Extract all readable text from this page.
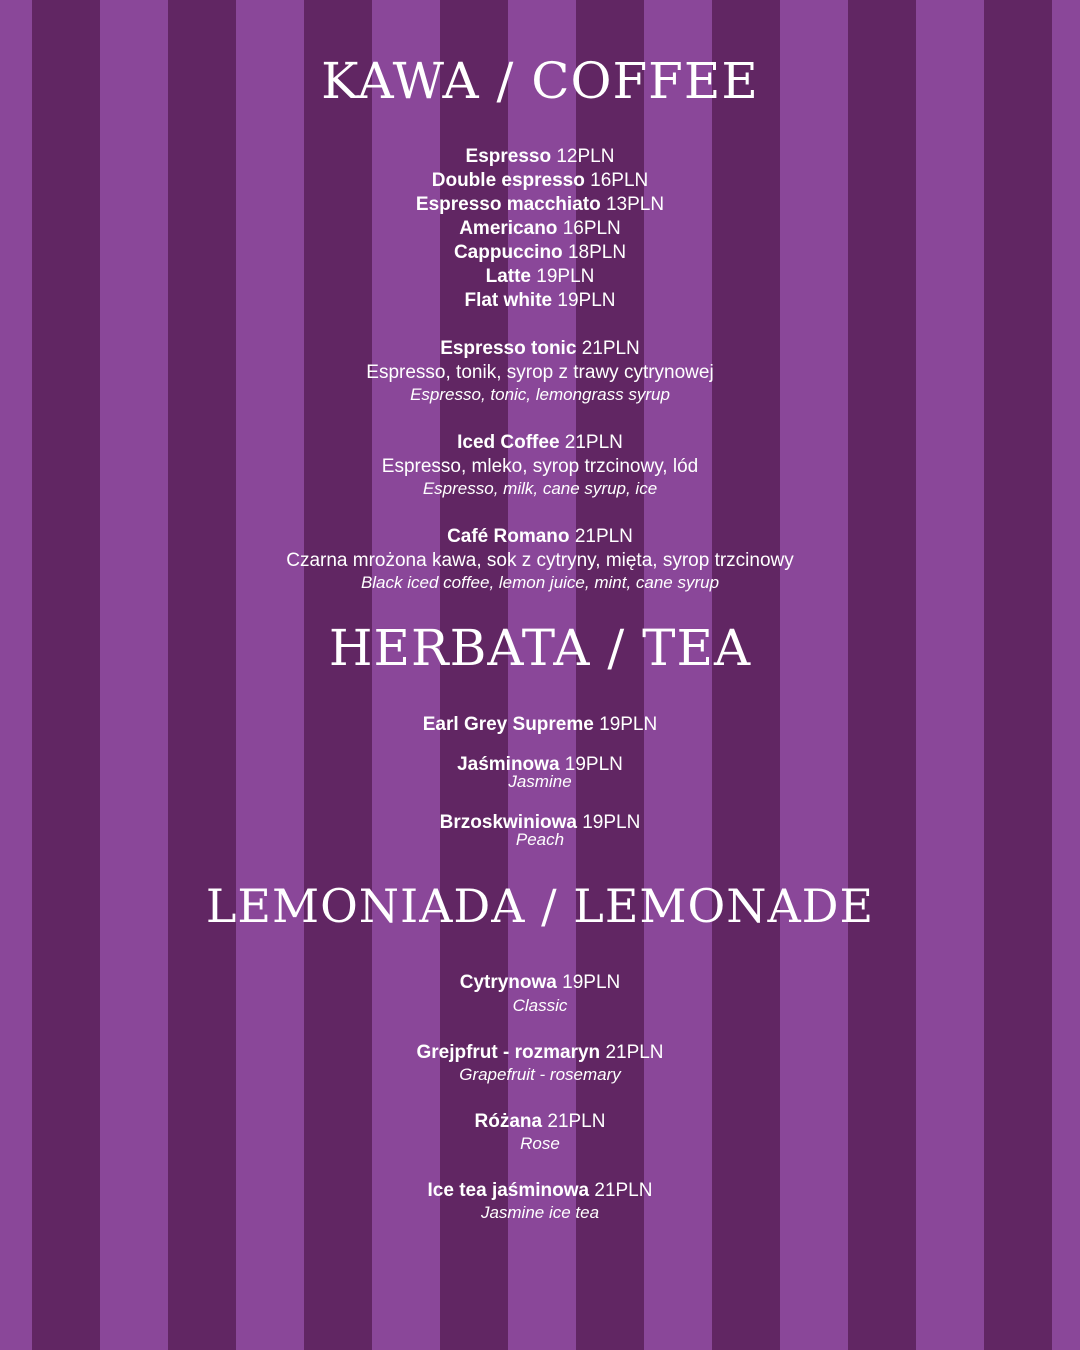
KAWA / COFFEE
Espresso 12PLN
Double espresso 16PLN
Espresso macchiato 13PLN
Americano 16PLN
Cappuccino 18PLN
Latte 19PLN
Flat white 19PLN
Espresso tonic 21PLN
Espresso, tonik, syrop z trawy cytrynowej
Espresso, tonic, lemongrass syrup
Iced Coffee 21PLN
Espresso, mleko, syrop trzcinowy, lód
Espresso, milk, cane syrup, ice
Café Romano 21PLN
Czarna mrożona kawa, sok z cytryny, mięta, syrop trzcinowy
Black iced coffee, lemon juice, mint, cane syrup
HERBATA / TEA
Earl Grey Supreme 19PLN
Jaśminowa 19PLN
Jasmine
Brzoskwiniowa 19PLN
Peach
LEMONIADA / LEMONADE
Cytrynowa 19PLN
Classic
Grejpfrut - rozmaryn 21PLN
Grapefruit - rosemary
Różana 21PLN
Rose
Ice tea jaśminowa 21PLN
Jasmine ice tea
